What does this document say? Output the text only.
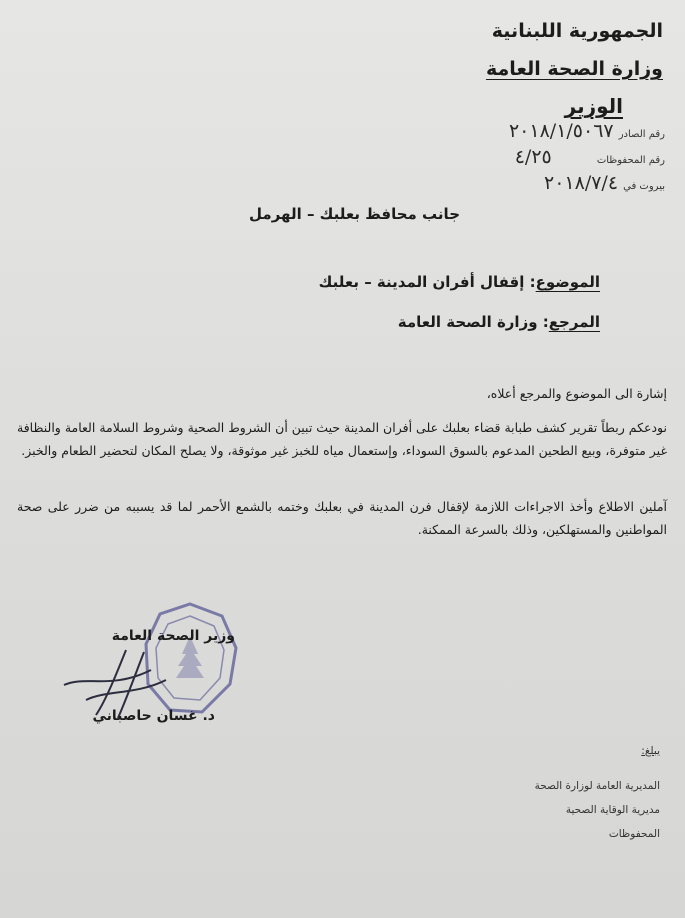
الجمهورية اللبنانية
وزارة الصحة العامة
الوزير
رقم الصادر ٢٠١٨/١/٥٠٦٧
رقم المحفوظات ٤/٢٥
بيروت في ٢٠١٨/٧/٤
جانب محافظ بعلبك – الهرمل
الموضوع: إقفال أفران المدينة – بعلبك
المرجع: وزارة الصحة العامة
إشارة الى الموضوع والمرجع أعلاه،
نودعكم ربطاً تقرير كشف طبابة قضاء بعلبك على أفران المدينة حيث تبين أن الشروط الصحية وشروط السلامة العامة والنظافة غير متوفرة، وبيع الطحين المدعوم بالسوق السوداء، وإستعمال مياه للخبز غير موثوقة، ولا يصلح المكان لتحضير الطعام والخبز.
آملين الاطلاع وأخذ الاجراءات اللازمة لإقفال فرن المدينة في بعلبك وختمه بالشمع الأحمر لما قد يسببه من ضرر على صحة المواطنين والمستهلكين، وذلك بالسرعة الممكنة.
وزير الصحة العامة
د. غسان حاصباني
يبلغ:
المديرية العامة لوزارة الصحة
مديرية الوقاية الصحية
المحفوظات
